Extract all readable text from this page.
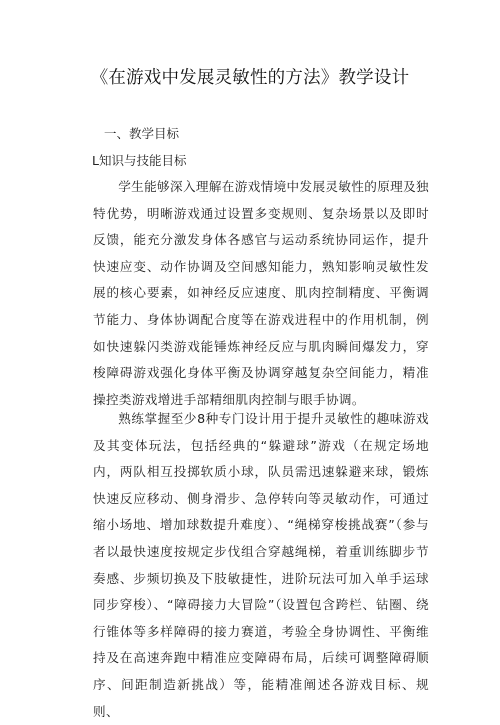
《在游戏中发展灵敏性的方法》教学设计
一、教学目标
L知识与技能目标
学生能够深入理解在游戏情境中发展灵敏性的原理及独特优势，明晰游戏通过设置多变规则、复杂场景以及即时反馈，能充分激发身体各感官与运动系统协同运作，提升快速应变、动作协调及空间感知能力，熟知影响灵敏性发展的核心要素，如神经反应速度、肌肉控制精度、平衡调节能力、身体协调配合度等在游戏进程中的作用机制，例如快速躲闪类游戏能锤炼神经反应与肌肉瞬间爆发力，穿梭障碍游戏强化身体平衡及协调穿越复杂空间能力，精准操控类游戏增进手部精细肌肉控制与眼手协调。
熟练掌握至少8种专门设计用于提升灵敏性的趣味游戏及其变体玩法，包括经典的“躲避球”游戏（在规定场地内，两队相互投掷软质小球，队员需迅速躲避来球，锻炼快速反应移动、侧身滑步、急停转向等灵敏动作，可通过缩小场地、增加球数提升难度）、“绳梯穿梭挑战赛”（参与者以最快速度按规定步伐组合穿越绳梯，着重训练脚步节奏感、步频切换及下肢敏捷性，进阶玩法可加入单手运球同步穿梭）、“障碍接力大冒险”（设置包含跨栏、钻圈、绕行锥体等多样障碍的接力赛道，考验全身协调性、平衡维持及在高速奔跑中精准应变障碍布局，后续可调整障碍顺序、间距制造新挑战）等，能精准阐述各游戏目标、规则、
